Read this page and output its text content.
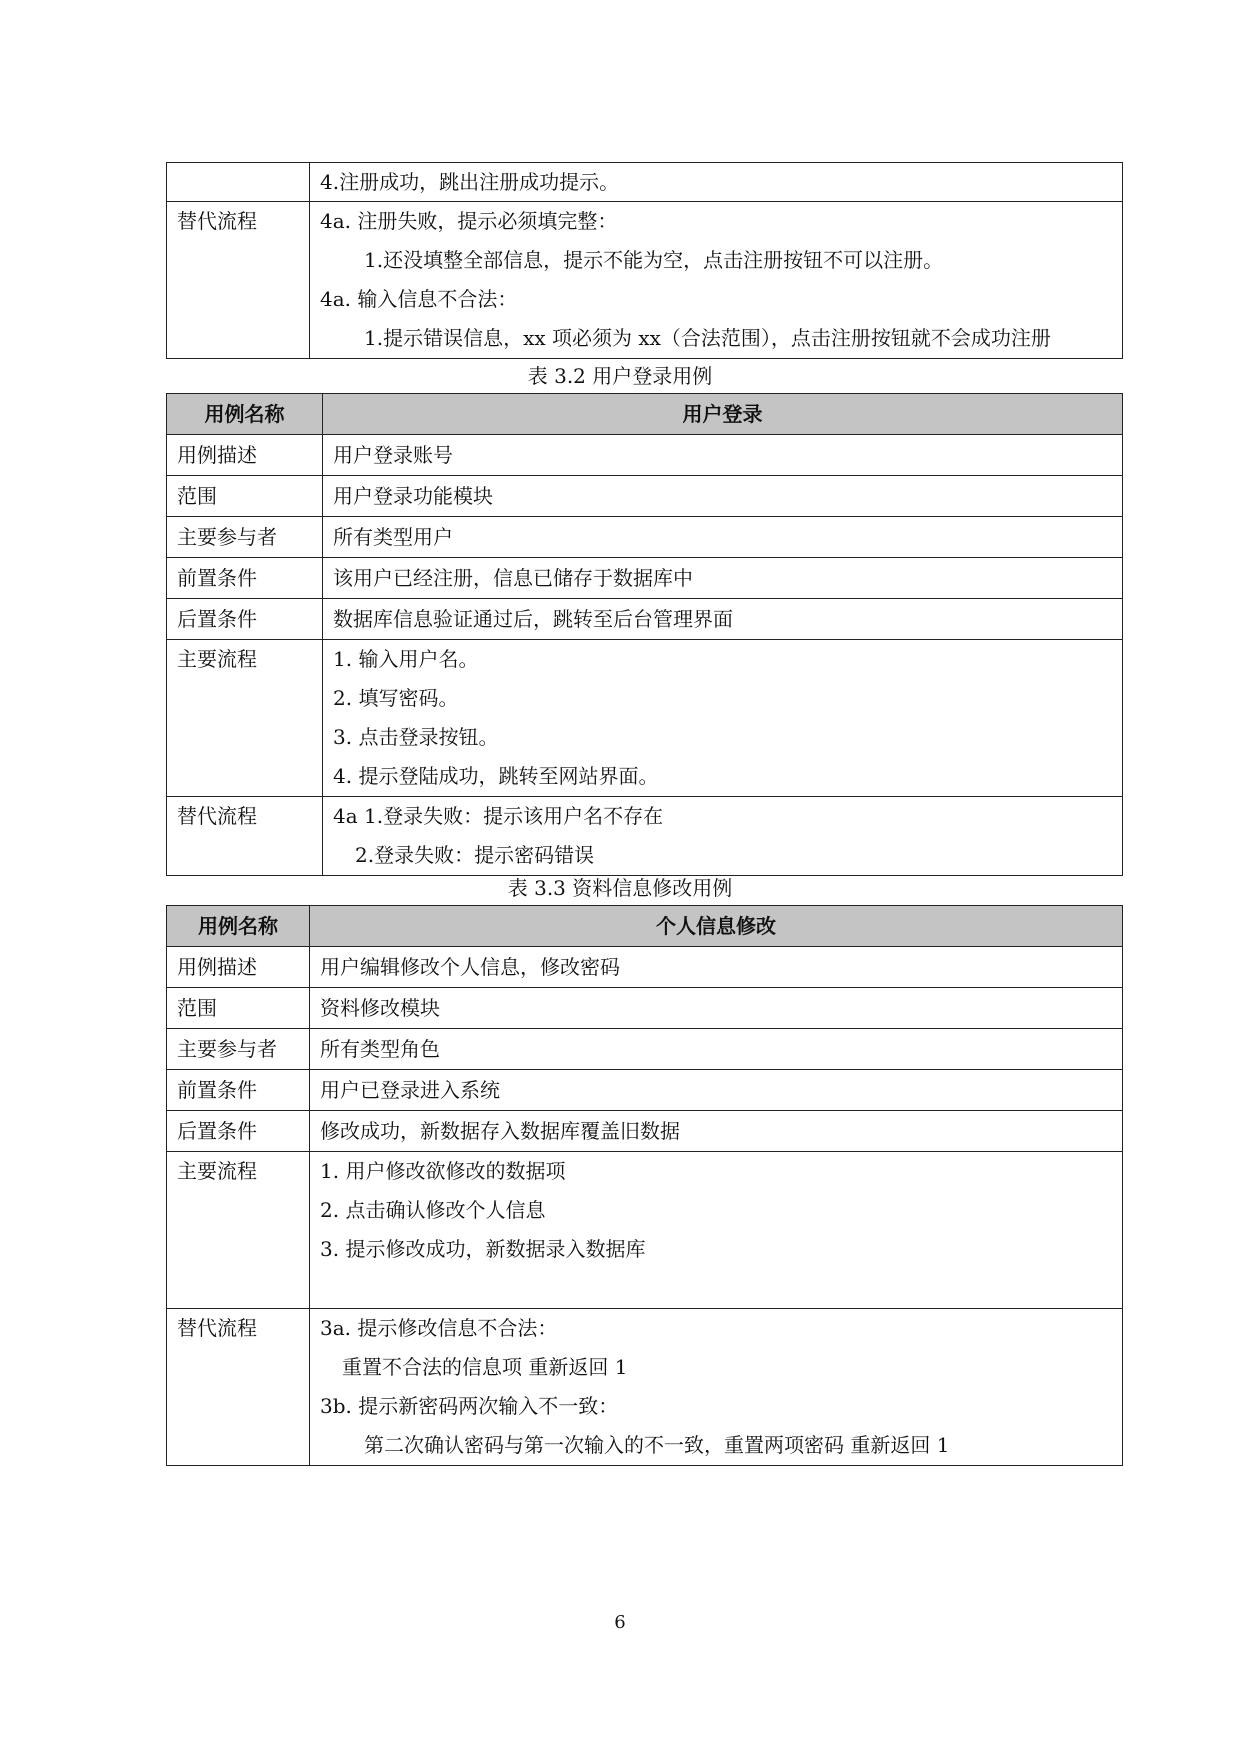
	4.注册成功，跳出注册成功提示。

替代流程	4a. 注册失败，提示必须填完整：
1.还没填整全部信息，提示不能为空，点击注册按钮不可以注册。
4a. 输入信息不合法：
1.提示错误信息，xx 项必须为 xx（合法范围），点击注册按钮就不会成功注册
表 3.2 用户登录用例
用例名称	用户登录
用例描述	用户登录账号
范围	用户登录功能模块
主要参与者	所有类型用户
前置条件	该用户已经注册，信息已储存于数据库中
后置条件	数据库信息验证通过后，跳转至后台管理界面

主要流程	1. 输入用户名。
2. 填写密码。
3. 点击登录按钮。
4. 提示登陆成功，跳转至网站界面。

替代流程	4a 1.登录失败：提示该用户名不存在
2.登录失败：提示密码错误
表 3.3 资料信息修改用例
用例名称	个人信息修改
用例描述	用户编辑修改个人信息，修改密码
范围	资料修改模块
主要参与者	所有类型角色
前置条件	用户已登录进入系统
后置条件	修改成功，新数据存入数据库覆盖旧数据

主要流程	1. 用户修改欲修改的数据项
2. 点击确认修改个人信息
3. 提示修改成功，新数据录入数据库

替代流程	3a. 提示修改信息不合法：
重置不合法的信息项 重新返回 1
3b. 提示新密码两次输入不一致：
第二次确认密码与第一次输入的不一致，重置两项密码 重新返回 1
6
